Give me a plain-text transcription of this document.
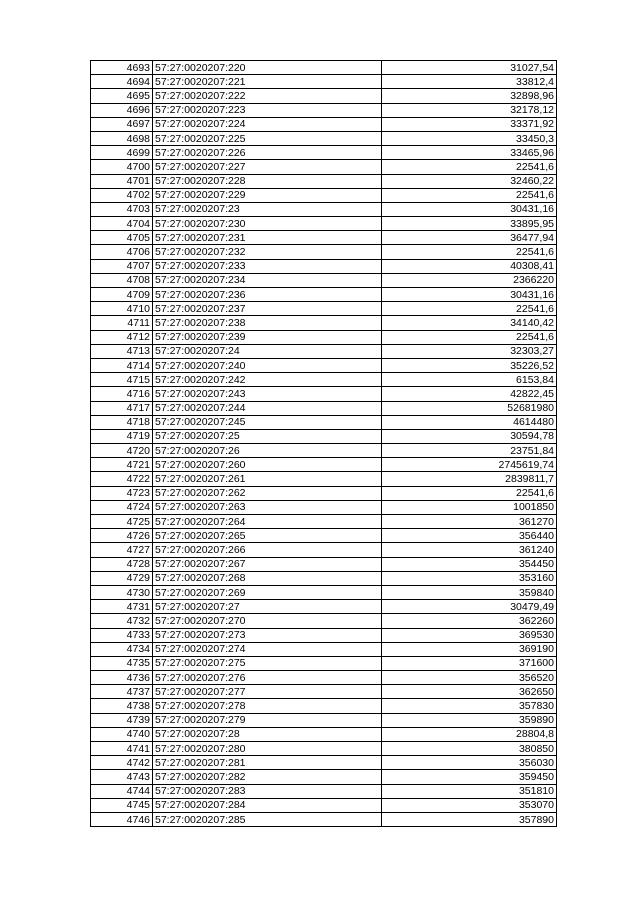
4693	57:27:0020207:220	31027,54
4694	57:27:0020207:221	33812,4
4695	57:27:0020207:222	32898,96
4696	57:27:0020207:223	32178,12
4697	57:27:0020207:224	33371,92
4698	57:27:0020207:225	33450,3
4699	57:27:0020207:226	33465,96
4700	57:27:0020207:227	22541,6
4701	57:27:0020207:228	32460,22
4702	57:27:0020207:229	22541,6
4703	57:27:0020207:23	30431,16
4704	57:27:0020207:230	33895,95
4705	57:27:0020207:231	36477,94
4706	57:27:0020207:232	22541,6
4707	57:27:0020207:233	40308,41
4708	57:27:0020207:234	2366220
4709	57:27:0020207:236	30431,16
4710	57:27:0020207:237	22541,6
4711	57:27:0020207:238	34140,42
4712	57:27:0020207:239	22541,6
4713	57:27:0020207:24	32303,27
4714	57:27:0020207:240	35226,52
4715	57:27:0020207:242	6153,84
4716	57:27:0020207:243	42822,45
4717	57:27:0020207:244	52681980
4718	57:27:0020207:245	4614480
4719	57:27:0020207:25	30594,78
4720	57:27:0020207:26	23751,84
4721	57:27:0020207:260	2745619,74
4722	57:27:0020207:261	2839811,7
4723	57:27:0020207:262	22541,6
4724	57:27:0020207:263	1001850
4725	57:27:0020207:264	361270
4726	57:27:0020207:265	356440
4727	57:27:0020207:266	361240
4728	57:27:0020207:267	354450
4729	57:27:0020207:268	353160
4730	57:27:0020207:269	359840
4731	57:27:0020207:27	30479,49
4732	57:27:0020207:270	362260
4733	57:27:0020207:273	369530
4734	57:27:0020207:274	369190
4735	57:27:0020207:275	371600
4736	57:27:0020207:276	356520
4737	57:27:0020207:277	362650
4738	57:27:0020207:278	357830
4739	57:27:0020207:279	359890
4740	57:27:0020207:28	28804,8
4741	57:27:0020207:280	380850
4742	57:27:0020207:281	356030
4743	57:27:0020207:282	359450
4744	57:27:0020207:283	351810
4745	57:27:0020207:284	353070
4746	57:27:0020207:285	357890
